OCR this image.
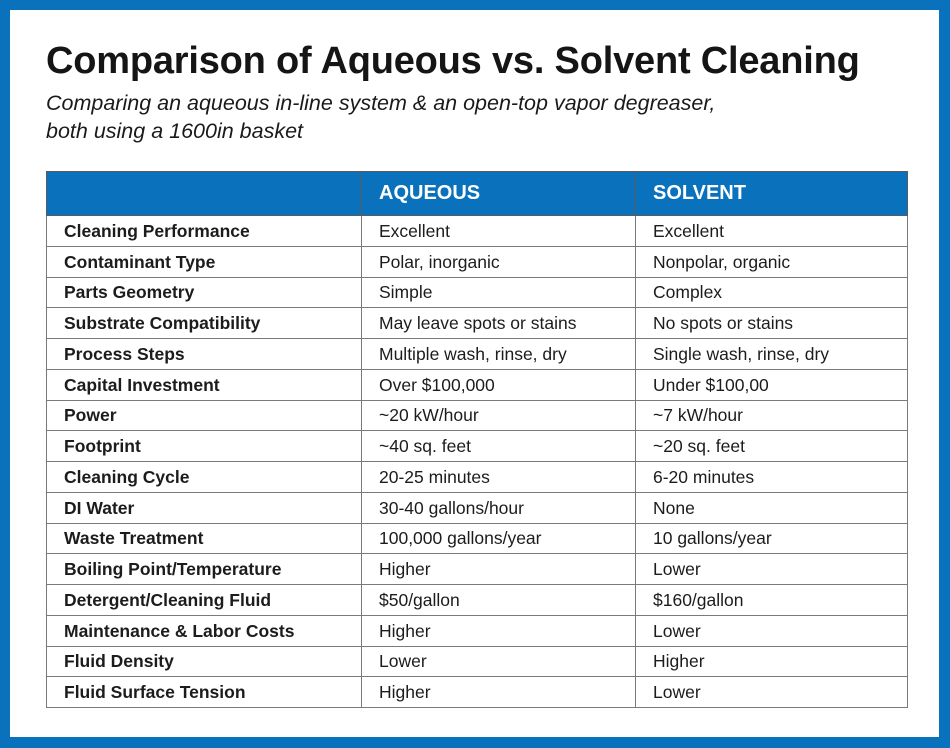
Comparison of Aqueous vs. Solvent Cleaning
Comparing an aqueous in-line system & an open-top vapor degreaser,
both using a 1600in basket
	AQUEOUS	SOLVENT
Cleaning Performance	Excellent	Excellent
Contaminant Type	Polar, inorganic	Nonpolar, organic
Parts Geometry	Simple	Complex
Substrate Compatibility	May leave spots or stains	No spots or stains
Process Steps	Multiple wash, rinse, dry	Single wash, rinse, dry
Capital Investment	Over $100,000	Under $100,00
Power	~20 kW/hour	~7 kW/hour
Footprint	~40 sq. feet	~20 sq. feet
Cleaning Cycle	20-25 minutes	6-20 minutes
DI Water	30-40 gallons/hour	None
Waste Treatment	100,000 gallons/year	10 gallons/year
Boiling Point/Temperature	Higher	Lower
Detergent/Cleaning Fluid	$50/gallon	$160/gallon
Maintenance & Labor Costs	Higher	Lower
Fluid Density	Lower	Higher
Fluid Surface Tension	Higher	Lower
